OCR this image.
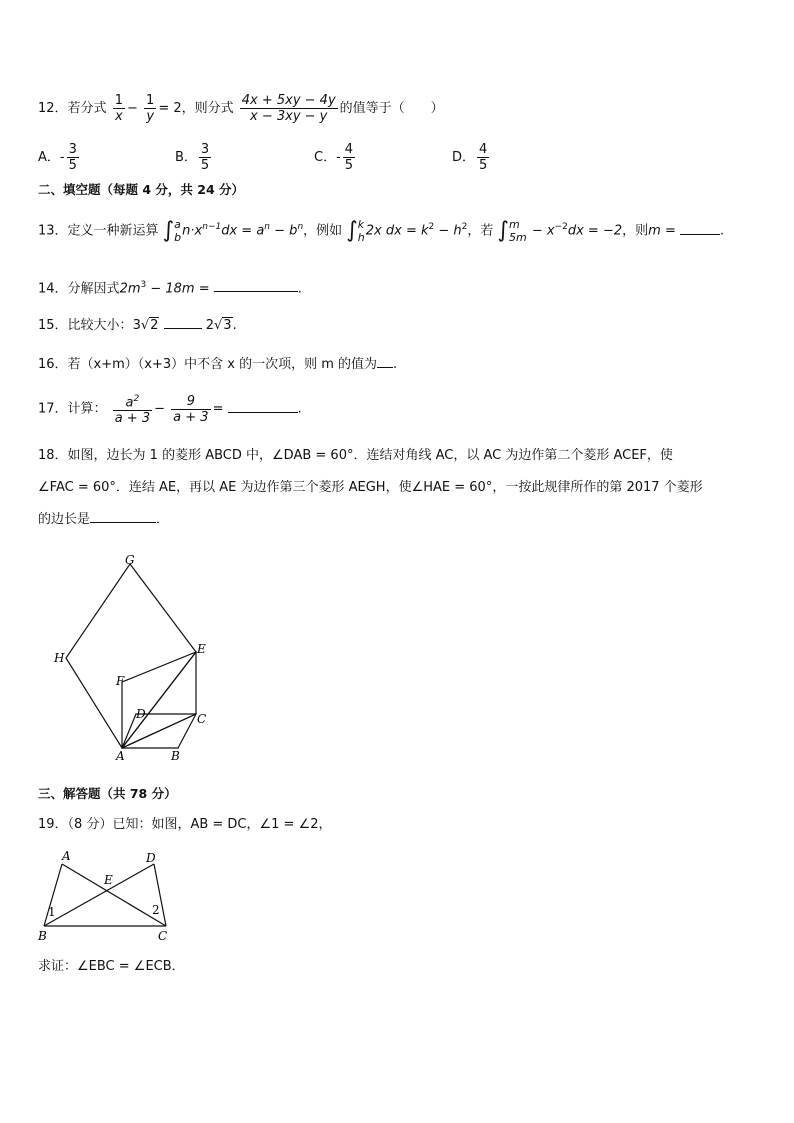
12．若分式 $\frac{1}{x} - \frac{1}{y} = 2$，则分式 $\frac{4x + 5xy - 4y}{x - 3xy - y}$ 的值等于（　　）
A．- $\frac{3}{5}$	B． $\frac{3}{5}$	C．- $\frac{4}{5}$	D． $\frac{4}{5}$
二、填空题（每题 4 分，共 24 分）
13．定义一种新运算 ∫a
$bn\cdot x^{n-1}dx = a^n - b^n$，例如 ∫k
h2x dx = $k^2 - h^2$，若 ∫m
$5m - x^{-2}dx = -2$，则m =	.
14．分解因式$2m^3 - 18m$ =	.
15．比较大小：3√2	2√3.
16．若（x+m）（x+3）中不含 x 的一次项，则 m 的值为 .
17．计算： $\frac{a^2}{a + 3} - \frac{9}{a + 3}$ =	.
18．如图，边长为 1 的菱形 ABCD 中，∠DAB = 60°．连结对角线 AC，以 AC 为边作第二个菱形 ACEF，使
∠FAC = 60°．连结 AE，再以 AE 为边作第三个菱形 AEGH，使∠HAE = 60°，一按此规律所作的第 2017 个菱形
的边长是	．
G
E
H
F
D	C
A	B
三、解答题（共 78 分）
19．（8 分）已知：如图，AB = DC，∠1 = ∠2，
A	D
E
1	2
B	C
求证：∠EBC = ∠ECB．
